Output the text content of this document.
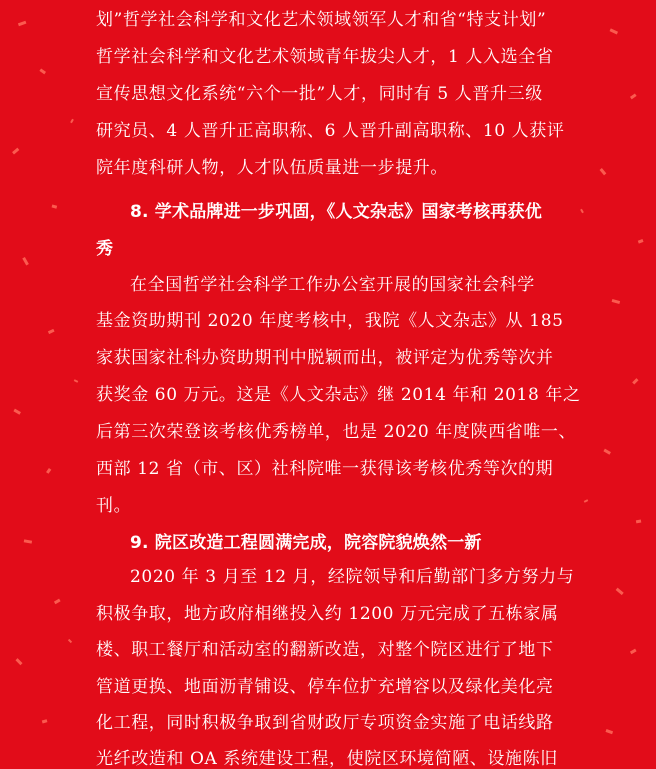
划”哲学社会科学和文化艺术领域领军人才和省“特支计划”
哲学社会科学和文化艺术领域青年拔尖人才，1 人入选全省
宣传思想文化系统“六个一批”人才，同时有 5 人晋升三级
研究员、4 人晋升正高职称、6 人晋升副高职称、10 人获评
院年度科研人物，人才队伍质量进一步提升。
8. 学术品牌进一步巩固，《人文杂志》国家考核再获优
秀
在全国哲学社会科学工作办公室开展的国家社会科学
基金资助期刊 2020 年度考核中，我院《人文杂志》从 185
家获国家社科办资助期刊中脱颖而出，被评定为优秀等次并
获奖金 60 万元。这是《人文杂志》继 2014 年和 2018 年之
后第三次荣登该考核优秀榜单，也是 2020 年度陕西省唯一、
西部 12 省（市、区）社科院唯一获得该考核优秀等次的期
刊。
9. 院区改造工程圆满完成，院容院貌焕然一新
2020 年 3 月至 12 月，经院领导和后勤部门多方努力与
积极争取，地方政府相继投入约 1200 万元完成了五栋家属
楼、职工餐厅和活动室的翻新改造，对整个院区进行了地下
管道更换、地面沥青铺设、停车位扩充增容以及绿化美化亮
化工程，同时积极争取到省财政厅专项资金实施了电话线路
光纤改造和 OA 系统建设工程，使院区环境简陋、设施陈旧
